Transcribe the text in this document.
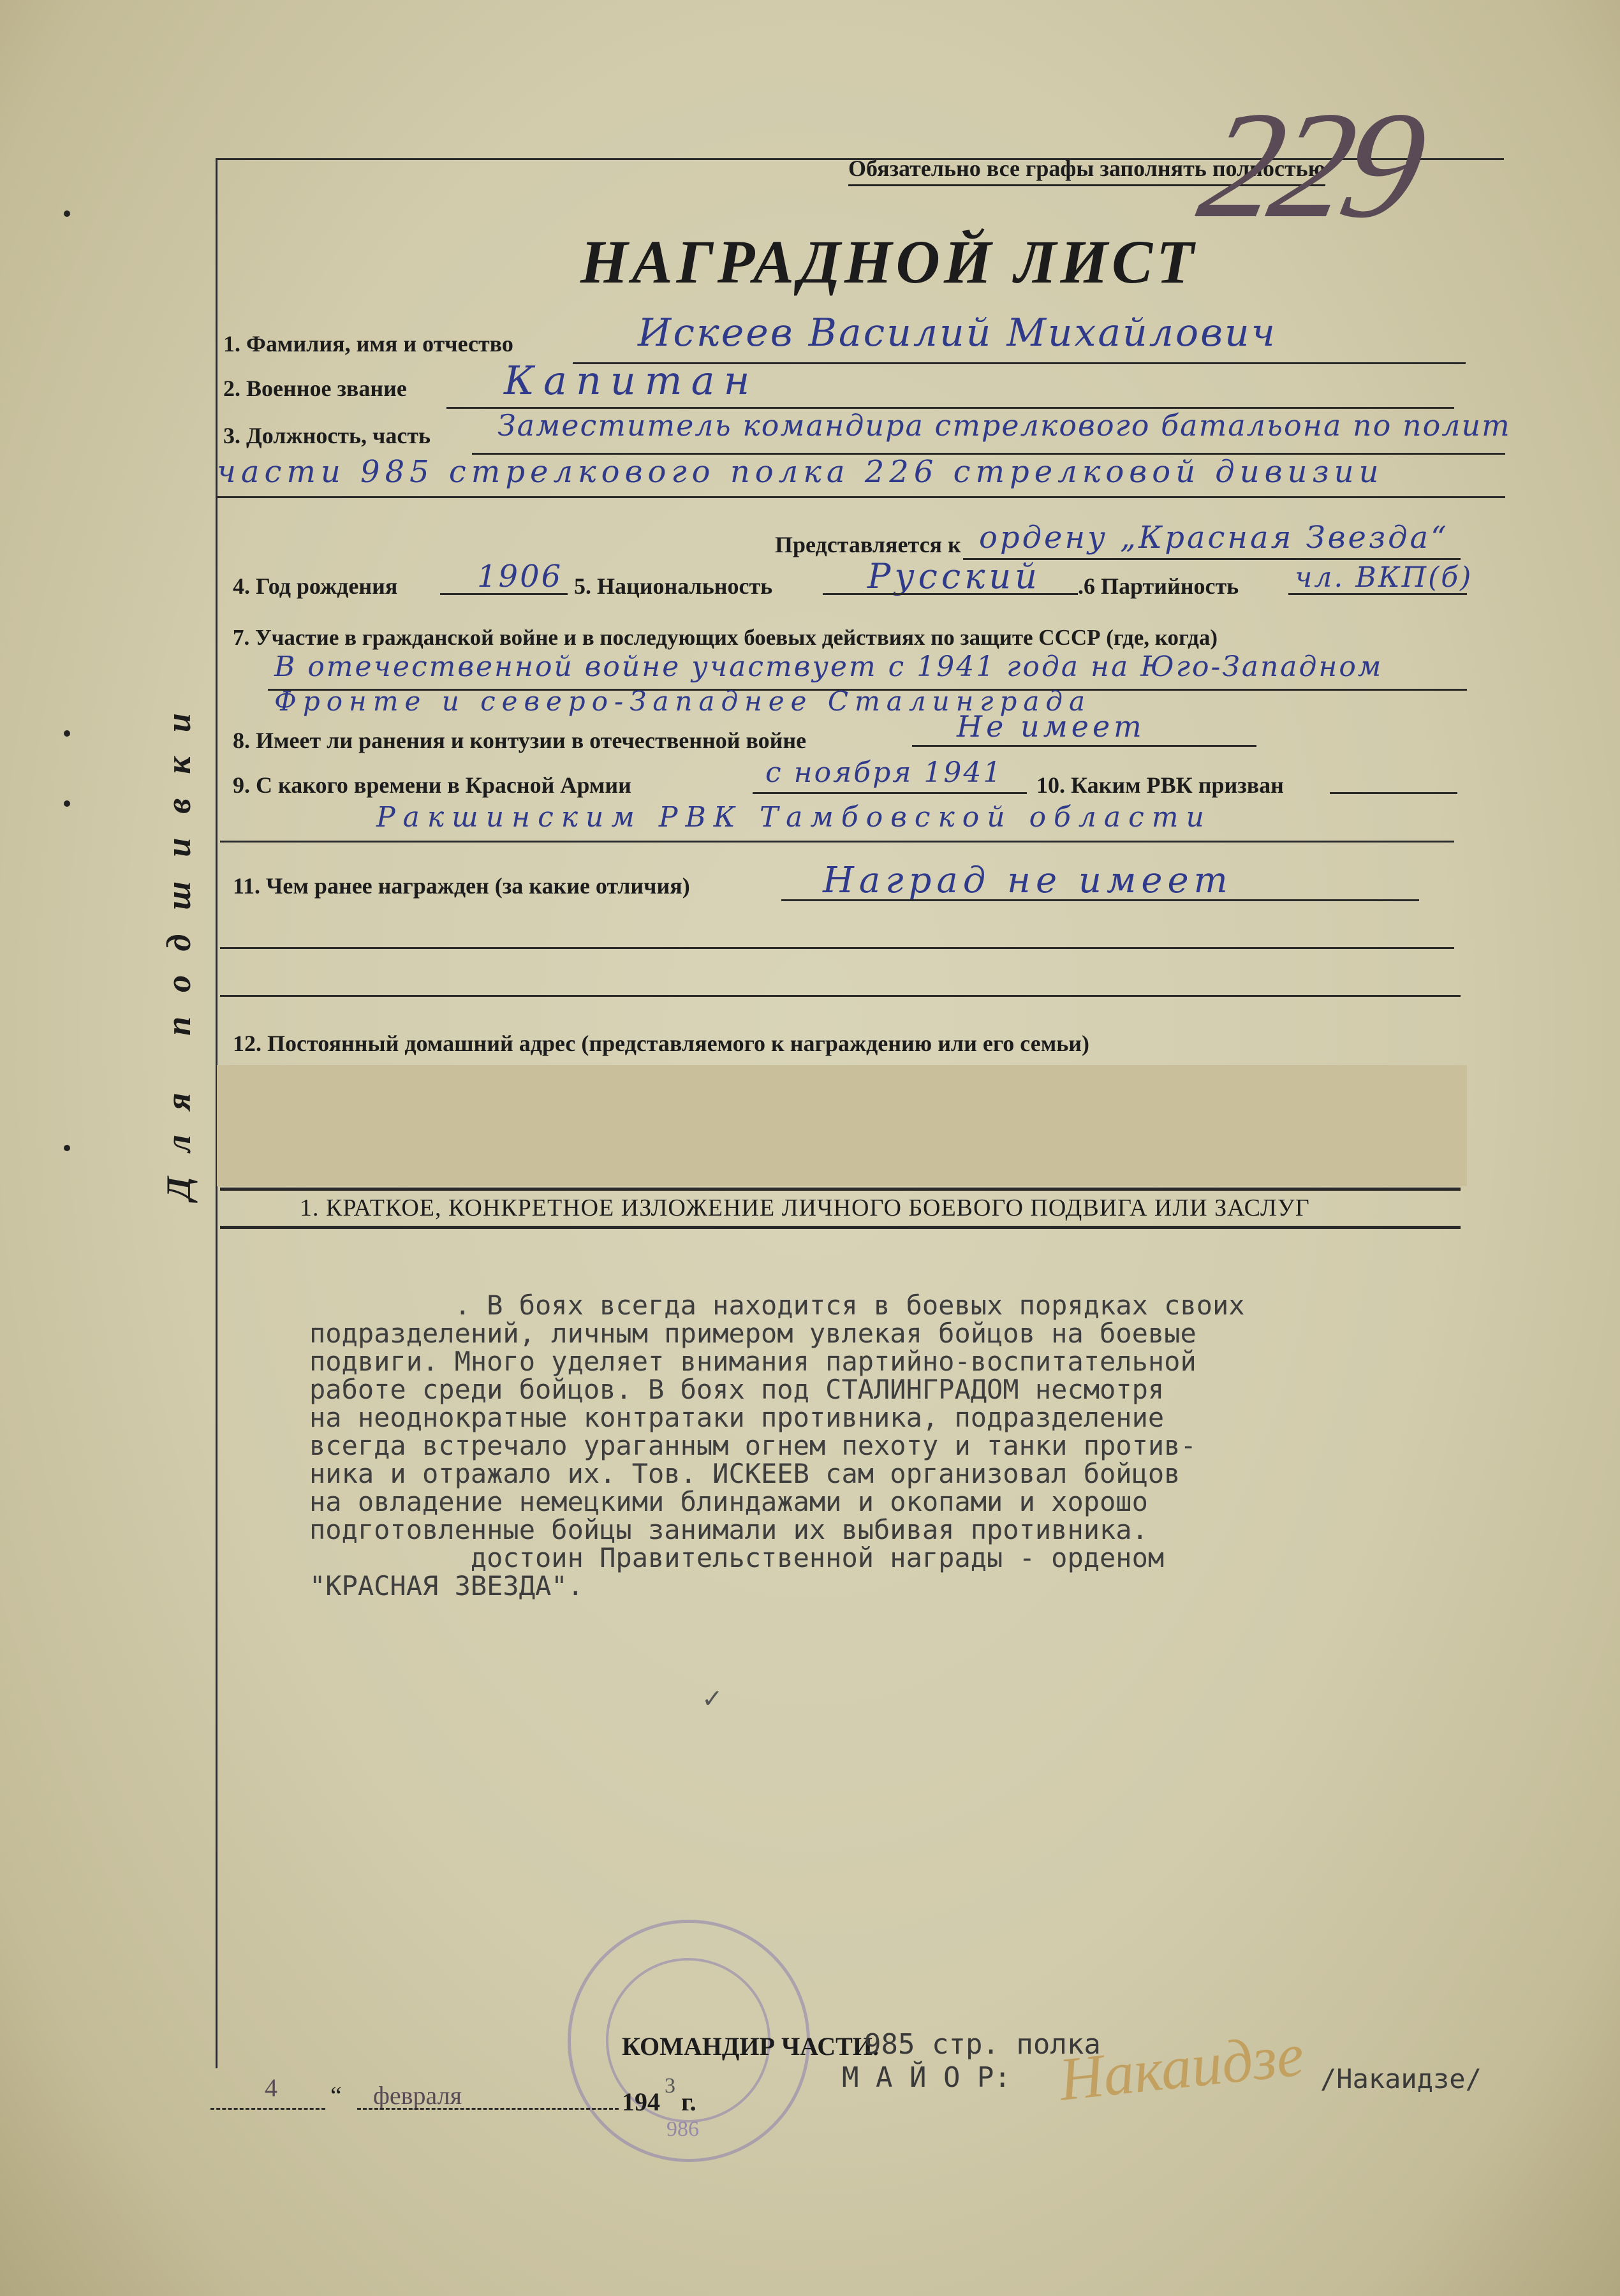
Для подшивки
Обязательно все графы заполнять полностью
229
НАГРАДНОЙ ЛИСТ
1. Фамилия, имя и отчество	Искеев Василий Михайлович
2. Военное звание Капитан
3. Должность, часть Заместитель командира стрелкового батальона по полит
части 985 стрелкового полка 226 стрелковой дивизии
Представляется к ордену „Красная Звезда“
4. Год рождения	1906 5. Национальность	Русский .6 Партийность чл. ВКП(б)
7. Участие в гражданской войне и в последующих боевых действиях по защите СССР (где, когда)
В отечественной войне участвует с 1941 года на Юго-Западном
Фронте и северо-Западнее Сталинграда
8. Имеет ли ранения и контузии в отечественной войне	Не имеет
9. С какого времени в Красной Армии	с ноября 1941 10. Каким РВК призван
Ракшинским РВК Тамбовской области
11. Чем ранее награжден (за какие отличия)	Наград не имеет
12. Постоянный домашний адрес (представляемого к награждению или его семьи)
1. КРАТКОЕ, КОНКРЕТНОЕ ИЗЛОЖЕНИЕ ЛИЧНОГО БОЕВОГО ПОДВИГА ИЛИ ЗАСЛУГ
. В боях всегда находится в боевых порядках своих
подразделений, личным примером увлекая бойцов на боевые
подвиги. Много уделяет внимания партийно-воспитательной
работе среди бойцов. В боях под СТАЛИНГРАДОМ несмотря
на неоднократные контратаки противника, подразделение
всегда встречало ураганным огнем пехоту и танки против-
ника и отражало их. Тов. ИСКЕЕВ сам организовал бойцов
на овладение немецкими блиндажами и окопами и хорошо
подготовленные бойцы занимали их выбивая противника.
достоин Правительственной награды - орденом
"КРАСНАЯ ЗВЕЗДА".
✓
986
КОМАНДИР ЧАСТИ.
985 стр. полка
М А Й О Р: Накаидзе /Накаидзе/
4 “ февраля	194
3
г.
